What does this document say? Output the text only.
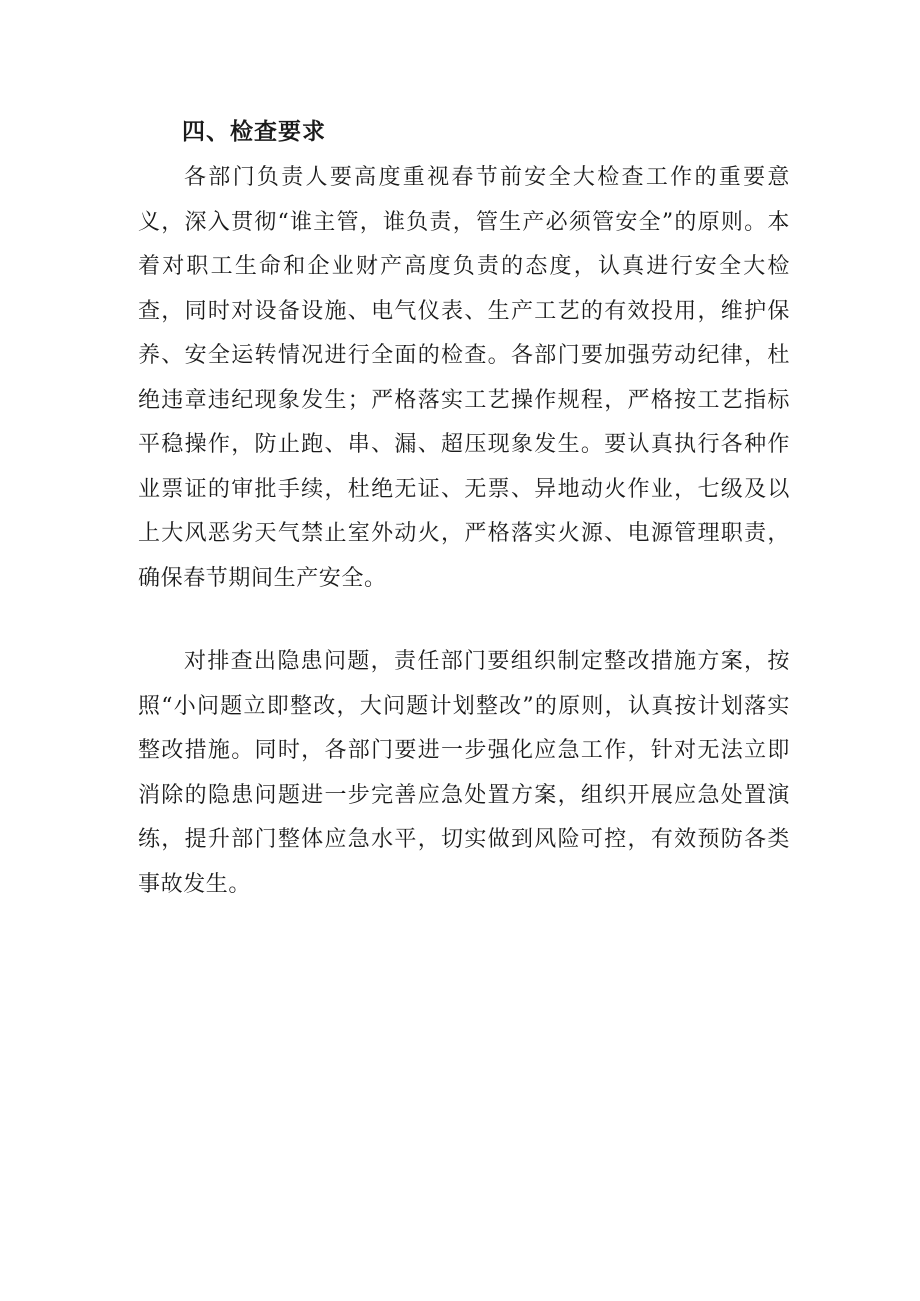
四、检查要求

各部门负责人要高度重视春节前安全大检查工作的重要意义，深入贯彻“谁主管，谁负责，管生产必须管安全”的原则。本着对职工生命和企业财产高度负责的态度，认真进行安全大检查，同时对设备设施、电气仪表、生产工艺的有效投用，维护保养、安全运转情况进行全面的检查。各部门要加强劳动纪律，杜绝违章违纪现象发生；严格落实工艺操作规程，严格按工艺指标平稳操作，防止跑、串、漏、超压现象发生。要认真执行各种作业票证的审批手续，杜绝无证、无票、异地动火作业，七级及以上大风恶劣天气禁止室外动火，严格落实火源、电源管理职责，确保春节期间生产安全。

对排查出隐患问题，责任部门要组织制定整改措施方案，按照“小问题立即整改，大问题计划整改”的原则，认真按计划落实整改措施。同时，各部门要进一步强化应急工作，针对无法立即消除的隐患问题进一步完善应急处置方案，组织开展应急处置演练，提升部门整体应急水平，切实做到风险可控，有效预防各类事故发生。
